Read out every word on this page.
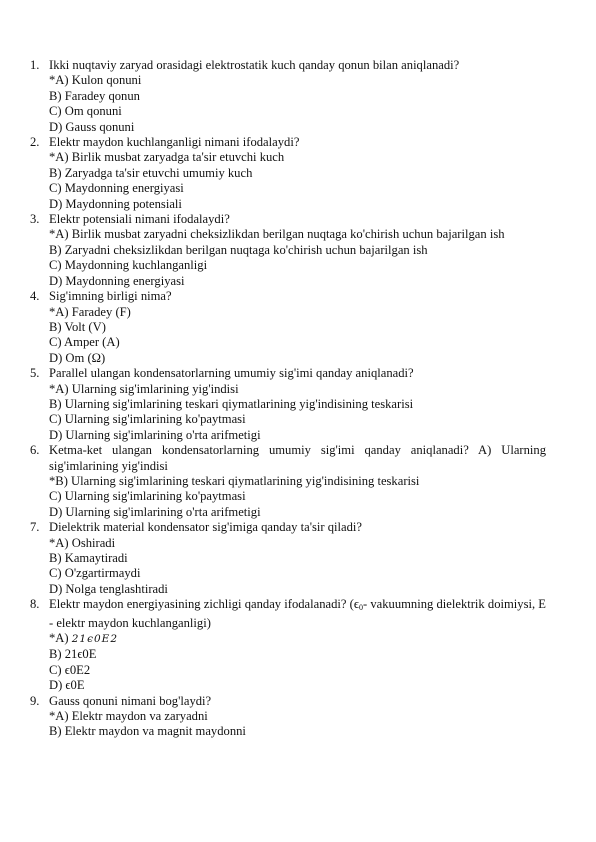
1. Ikki nuqtaviy zaryad orasidagi elektrostatik kuch qanday qonun bilan aniqlanadi?
*A) Kulon qonuni
B) Faradey qonun
C) Om qonuni
D) Gauss qonuni
2. Elektr maydon kuchlanganligi nimani ifodalaydi?
*A) Birlik musbat zaryadga ta'sir etuvchi kuch
B) Zaryadga ta'sir etuvchi umumiy kuch
C) Maydonning energiyasi
D) Maydonning potensiali
3. Elektr potensiali nimani ifodalaydi?
*A) Birlik musbat zaryadni cheksizlikdan berilgan nuqtaga ko'chirish uchun bajarilgan ish
B) Zaryadni cheksizlikdan berilgan nuqtaga ko'chirish uchun bajarilgan ish
C) Maydonning kuchlanganligi
D) Maydonning energiyasi
4. Sig'imning birligi nima?
*A) Faradey (F)
B) Volt (V)
C) Amper (A)
D) Om (Ω)
5. Parallel ulangan kondensatorlarning umumiy sig'imi qanday aniqlanadi?
*A) Ularning sig'imlarining yig'indisi
B) Ularning sig'imlarining teskari qiymatlarining yig'indisining teskarisi
C) Ularning sig'imlarining ko'paytmasi
D) Ularning sig'imlarining o'rta arifmetigi
6. Ketma-ket ulangan kondensatorlarning umumiy sig'imi qanday aniqlanadi? A) Ularning sig'imlarining yig'indisi
*B) Ularning sig'imlarining teskari qiymatlarining yig'indisining teskarisi
C) Ularning sig'imlarining ko'paytmasi
D) Ularning sig'imlarining o'rta arifmetigi
7. Dielektrik material kondensator sig'imiga qanday ta'sir qiladi?
*A) Oshiradi
B) Kamaytiradi
C) O'zgartirmaydi
D) Nolga tenglashtiradi
8. Elektr maydon energiyasining zichligi qanday ifodalanadi? ($\epsilon_0-$ vakuumning dielektrik doimiysi, E - elektr maydon kuchlanganligi)
*A) 21ϵ0E2
B) 21ϵ0E
C) ϵ0E2
D) ϵ0E
9. Gauss qonuni nimani bog'laydi?
*A) Elektr maydon va zaryadni
B) Elektr maydon va magnit maydonni
